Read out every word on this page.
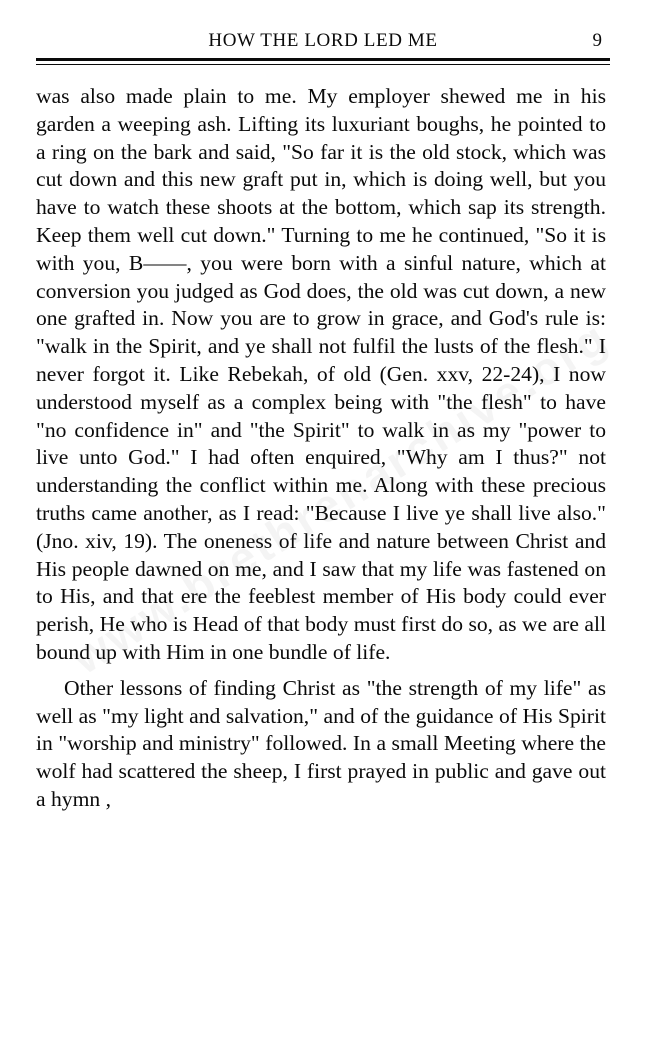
HOW THE LORD LED ME	9

was also made plain to me. My employer shewed me in his garden a weeping ash. Lifting its luxuriant boughs, he pointed to a ring on the bark and said, "So far it is the old stock, which was cut down and this new graft put in, which is doing well, but you have to watch these shoots at the bottom, which sap its strength. Keep them well cut down." Turning to me he continued, "So it is with you, B——, you were born with a sinful nature, which at conversion you judged as God does, the old was cut down, a new one grafted in. Now you are to grow in grace, and God's rule is: "walk in the Spirit, and ye shall not fulfil the lusts of the flesh." I never forgot it. Like Rebekah, of old (Gen. xxv, 22-24), I now understood myself as a complex being with "the flesh" to have "no confidence in" and "the Spirit" to walk in as my "power to live unto God." I had often enquired, "Why am I thus?" not understanding the conflict within me. Along with these precious truths came another, as I read: "Because I live ye shall live also." (Jno. xiv, 19). The oneness of life and nature between Christ and His people dawned on me, and I saw that my life was fastened on to His, and that ere the feeblest member of His body could ever perish, He who is Head of that body must first do so, as we are all bound up with Him in one bundle of life.

Other lessons of finding Christ as "the strength of my life" as well as "my light and salvation," and of the guidance of His Spirit in "worship and ministry" followed. In a small Meeting where the wolf had scattered the sheep, I first prayed in public and gave out a hymn ,
